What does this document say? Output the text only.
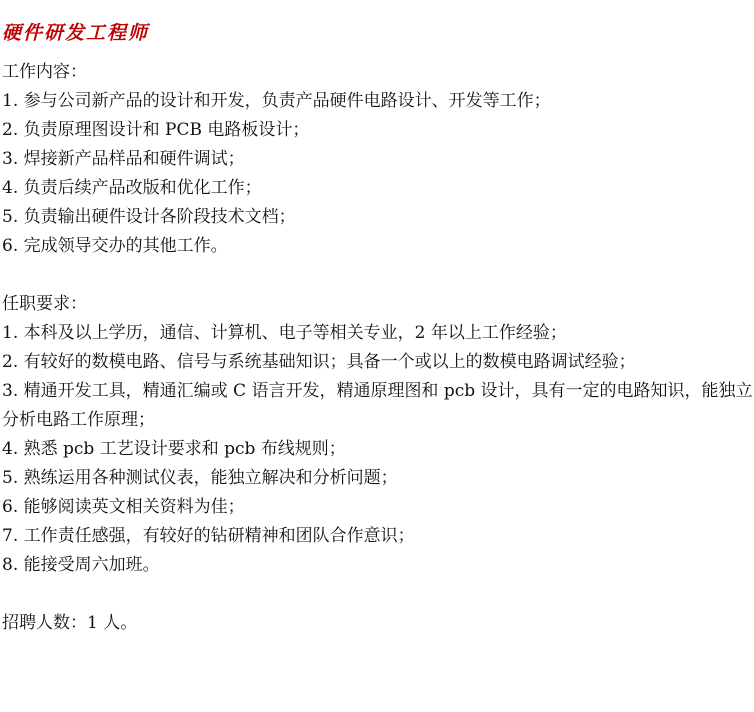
硬件研发工程师
工作内容：
1. 参与公司新产品的设计和开发，负责产品硬件电路设计、开发等工作；
2. 负责原理图设计和 PCB 电路板设计；
3. 焊接新产品样品和硬件调试；
4. 负责后续产品改版和优化工作；
5. 负责输出硬件设计各阶段技术文档；
6. 完成领导交办的其他工作。
任职要求：
1. 本科及以上学历，通信、计算机、电子等相关专业，2 年以上工作经验；
2. 有较好的数模电路、信号与系统基础知识；具备一个或以上的数模电路调试经验；
3. 精通开发工具，精通汇编或 C 语言开发，精通原理图和 pcb 设计，具有一定的电路知识，能独立分析电路工作原理；
4. 熟悉 pcb 工艺设计要求和 pcb 布线规则；
5. 熟练运用各种测试仪表，能独立解决和分析问题；
6. 能够阅读英文相关资料为佳；
7. 工作责任感强，有较好的钻研精神和团队合作意识；
8. 能接受周六加班。
招聘人数：1 人。
